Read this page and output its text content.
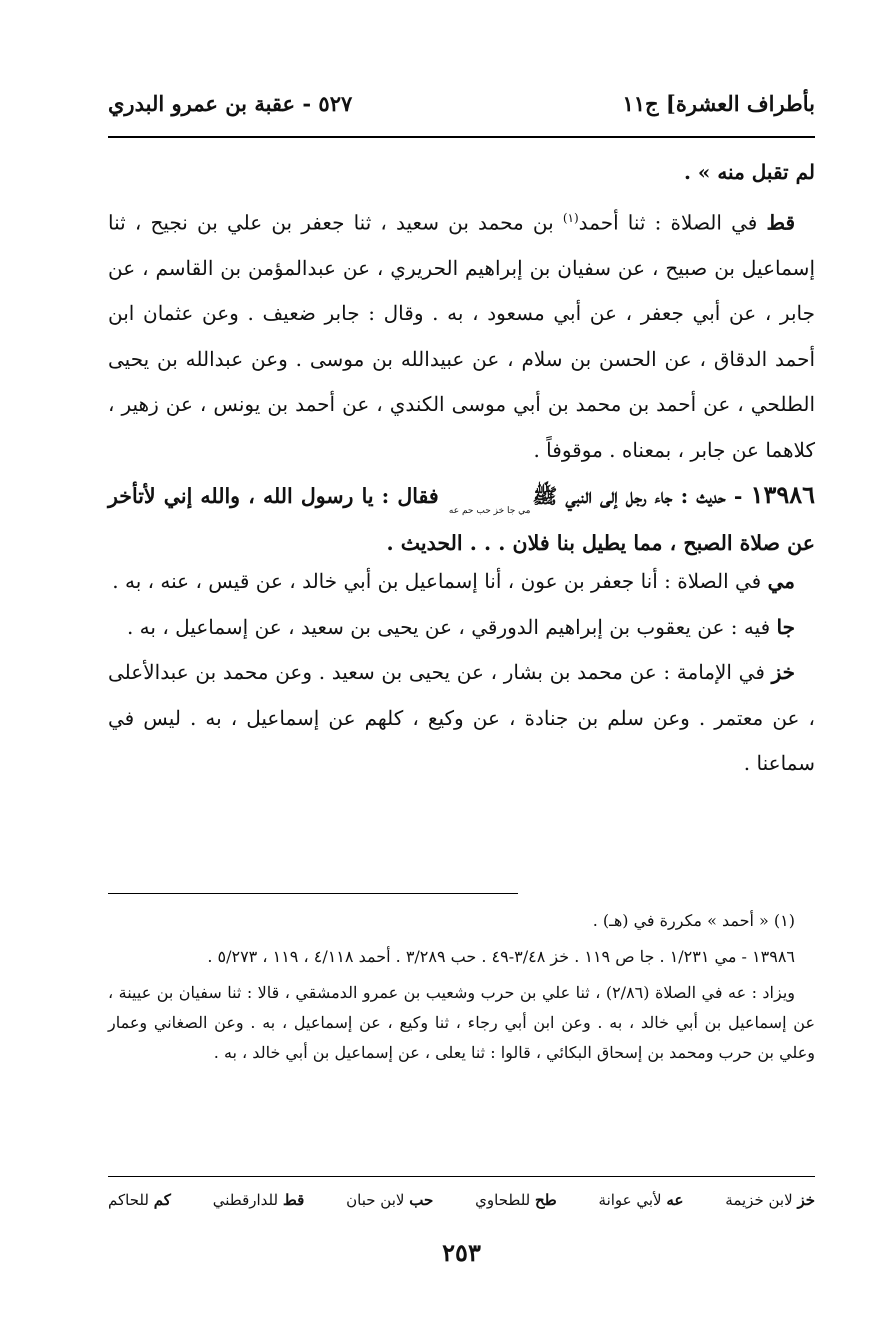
بأطراف العشرة] ج١١
٥٢٧ - عقبة بن عمرو البدري

لم تقبل منه » .

قط في الصلاة : ثنا أحمد$^{(١)}$ بن محمد بن سعيد ، ثنا جعفر بن علي بن نجيح ، ثنا إسماعيل بن صبيح ، عن سفيان بن إبراهيم الحريري ، عن عبدالمؤمن بن القاسم ، عن جابر ، عن أبي جعفر ، عن أبي مسعود ، به . وقال : جابر ضعيف . وعن عثمان ابن أحمد الدقاق ، عن الحسن بن سلام ، عن عبيدالله بن موسى . وعن عبدالله بن يحيى الطلحي ، عن أحمد بن محمد بن أبي موسى الكندي ، عن أحمد بن يونس ، عن زهير ، كلاهما عن جابر ، بمعناه . موقوفاً .

١٣٩٨٦ - حديث : جاء رجل إلى النبي ﷺمي جا خز حب حم عه فقال : يا رسول الله ، والله إني لأتأخر عن صلاة الصبح ، مما يطيل بنا فلان . . . الحديث .

مي في الصلاة : أنا جعفر بن عون ، أنا إسماعيل بن أبي خالد ، عن قيس ، عنه ، به .

جا فيه : عن يعقوب بن إبراهيم الدورقي ، عن يحيى بن سعيد ، عن إسماعيل ، به .

خز في الإمامة : عن محمد بن بشار ، عن يحيى بن سعيد . وعن محمد بن عبدالأعلى ، عن معتمر . وعن سلم بن جنادة ، عن وكيع ، كلهم عن إسماعيل ، به . ليس في سماعنا .

(١) « أحمد » مكررة في (هـ) .

١٣٩٨٦ - مي ١/٢٣١ . جا ص ١١٩ . خز ٣/٤٨-٤٩ . حب ٣/٢٨٩ . أحمد ٤/١١٨ ، ١١٩ ، ٥/٢٧٣ .

ويزاد : عه في الصلاة (٢/٨٦) ، ثنا علي بن حرب وشعيب بن عمرو الدمشقي ، قالا : ثنا سفيان بن عيينة ، عن إسماعيل بن أبي خالد ، به . وعن ابن أبي رجاء ، ثنا وكيع ، عن إسماعيل ، به . وعن الصغاني وعمار وعلي بن حرب ومحمد بن إسحاق البكائي ، قالوا : ثنا يعلى ، عن إسماعيل بن أبي خالد ، به .

خز لابن خزيمة
عه لأبي عوانة
طح للطحاوي
حب لابن حبان
قط للدارقطني
كم للحاكم
٢٥٣
